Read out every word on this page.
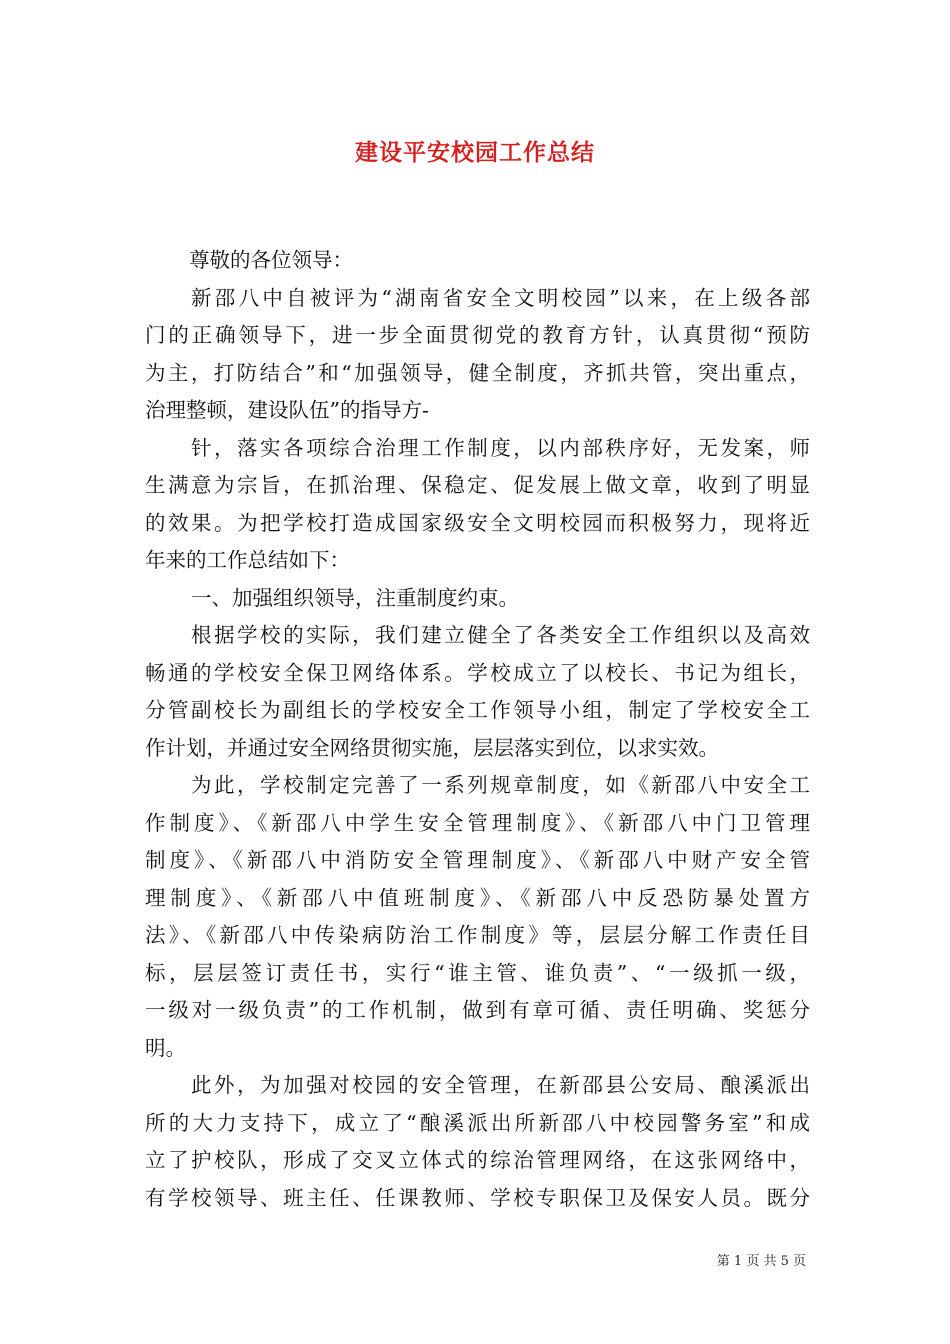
建设平安校园工作总结
尊敬的各位领导：
新邵八中自被评为“湖南省安全文明校园”以来，在上级各部
门的正确领导下，进一步全面贯彻党的教育方针，认真贯彻“预防
为主，打防结合”和“加强领导，健全制度，齐抓共管，突出重点，
治理整顿，建设队伍”的指导方-
针，落实各项综合治理工作制度，以内部秩序好，无发案，师
生满意为宗旨，在抓治理、保稳定、促发展上做文章，收到了明显
的效果。为把学校打造成国家级安全文明校园而积极努力，现将近
年来的工作总结如下：
一、加强组织领导，注重制度约束。
根据学校的实际，我们建立健全了各类安全工作组织以及高效
畅通的学校安全保卫网络体系。学校成立了以校长、书记为组长，
分管副校长为副组长的学校安全工作领导小组，制定了学校安全工
作计划，并通过安全网络贯彻实施，层层落实到位，以求实效。
为此，学校制定完善了一系列规章制度，如《新邵八中安全工
作制度》、《新邵八中学生安全管理制度》、《新邵八中门卫管理
制度》、《新邵八中消防安全管理制度》、《新邵八中财产安全管
理制度》、《新邵八中值班制度》、《新邵八中反恐防暴处置方
法》、《新邵八中传染病防治工作制度》等，层层分解工作责任目
标，层层签订责任书，实行“谁主管、谁负责”、“一级抓一级，
一级对一级负责”的工作机制，做到有章可循、责任明确、奖惩分
明。
此外，为加强对校园的安全管理，在新邵县公安局、酿溪派出
所的大力支持下，成立了“酿溪派出所新邵八中校园警务室”和成
立了护校队，形成了交叉立体式的综治管理网络，在这张网络中，
有学校领导、班主任、任课教师、学校专职保卫及保安人员。既分
第 1 页 共 5 页
